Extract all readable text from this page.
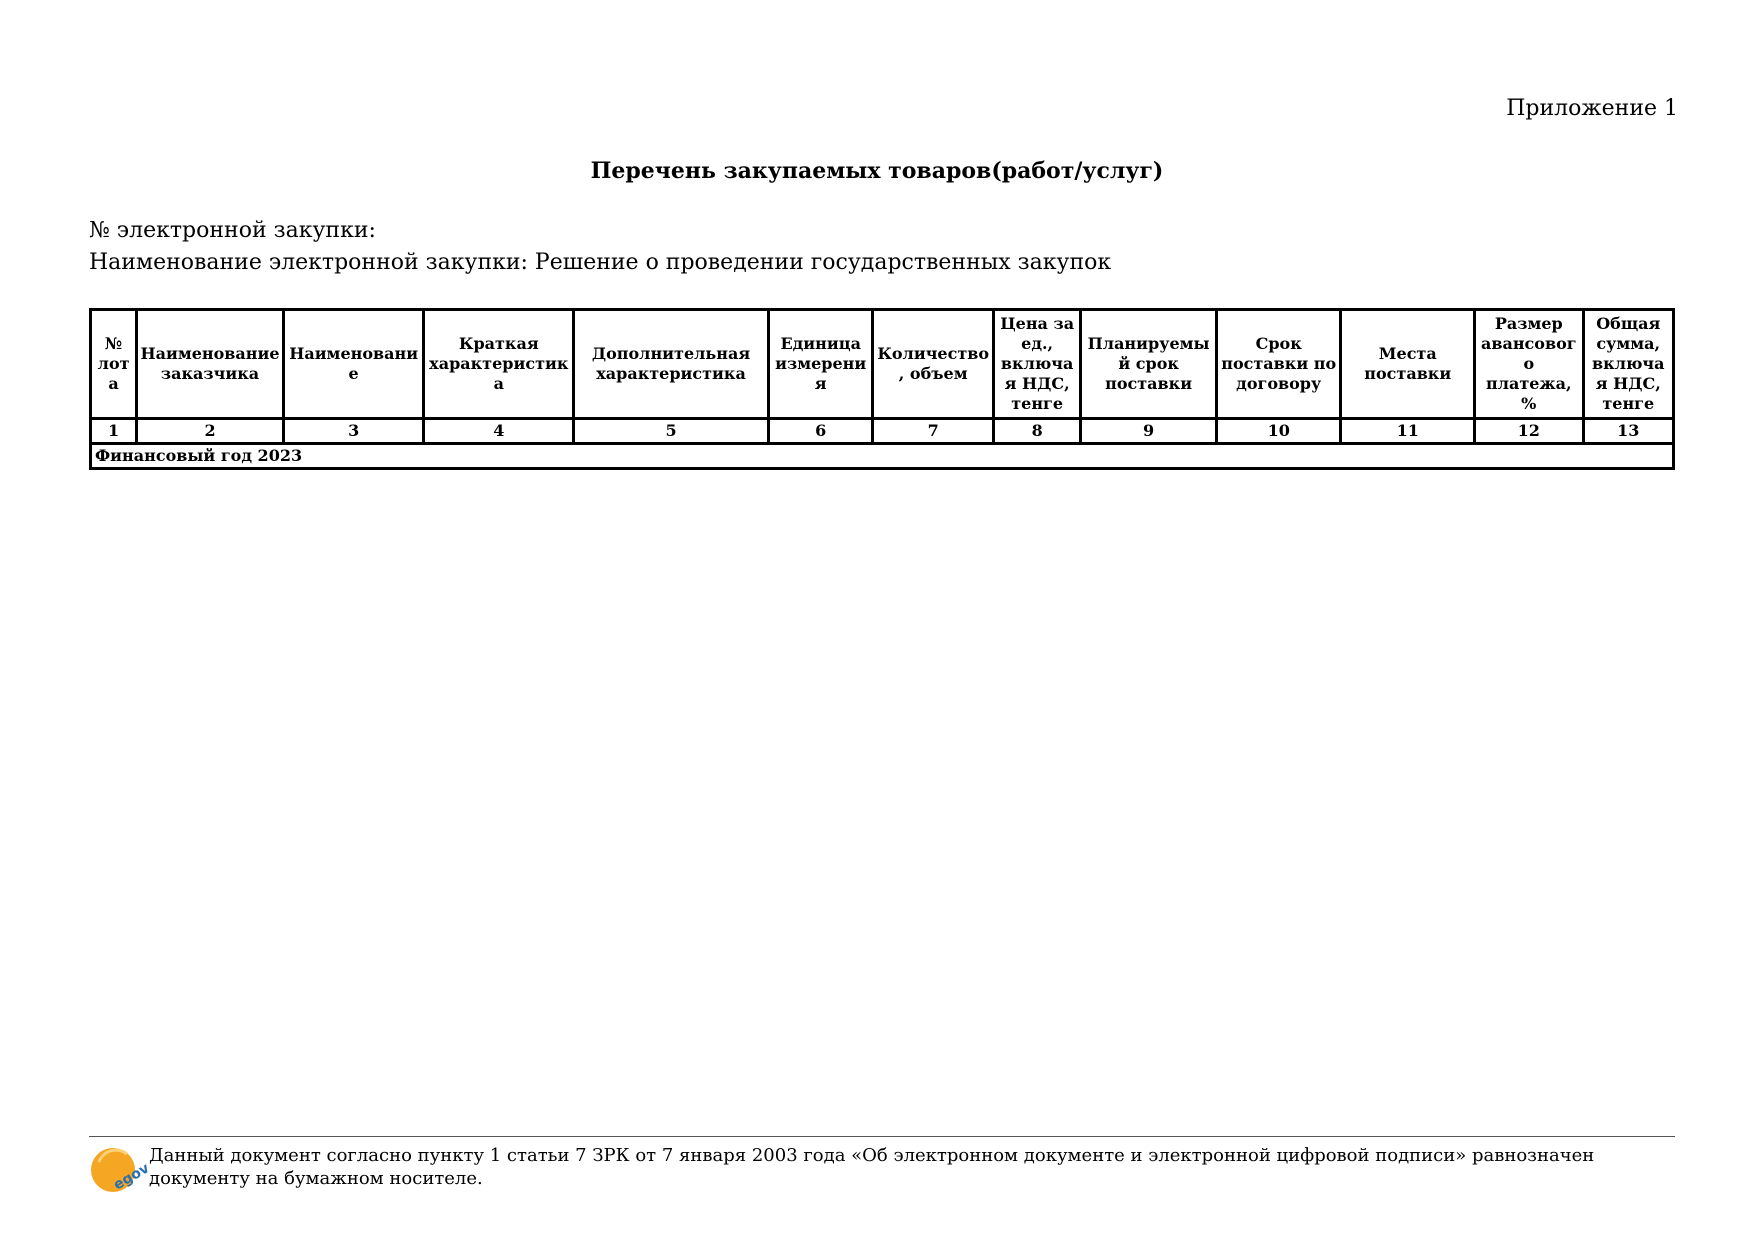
Приложение 1
Перечень закупаемых товаров(работ/услуг)
№ электронной закупки:
Наименование электронной закупки: Решение о проведении государственных закупок
№ лота	Наименование заказчика	Наименование	Краткая характеристика	Дополнительная характеристика	Единица измерения	Количество, объем	Цена за ед., включая НДС, тенге	Планируемый срок поставки	Срок поставки по договору	Места поставки	Размер авансового платежа, %	Общая сумма, включая НДС, тенге
1	2	3	4	5	6	7	8	9	10	11	12	13
Финансовый год 2023												
egov
Данный документ согласно пункту 1 статьи 7 ЗРК от 7 января 2003 года «Об электронном документе и электронной цифровой подписи» равнозначен документу на бумажном носителе.
